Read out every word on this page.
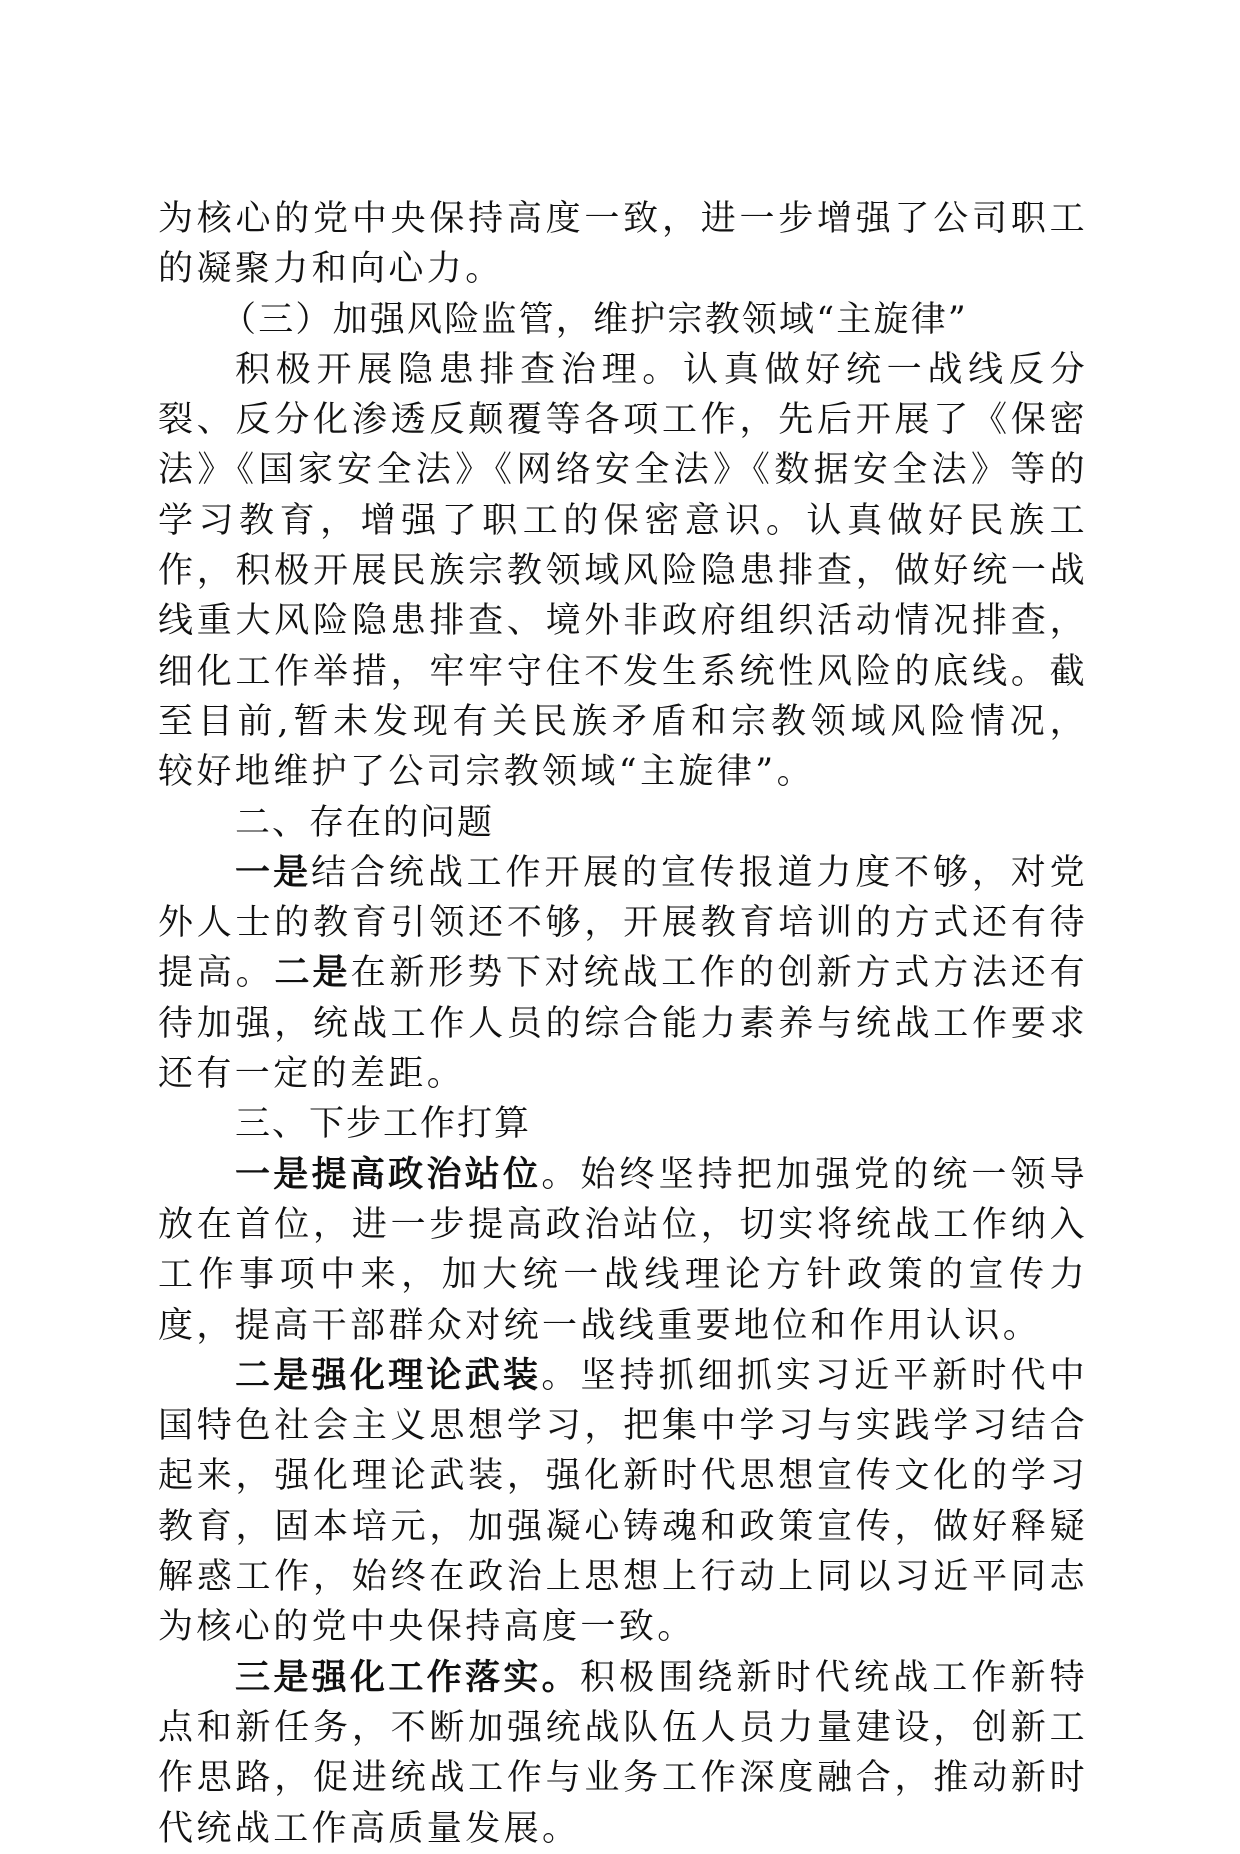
为核心的党中央保持高度一致，进一步增强了公司职工的凝聚力和向心力。

（三）加强风险监管，维护宗教领域“主旋律”

积极开展隐患排查治理。认真做好统一战线反分裂、反分化渗透反颠覆等各项工作，先后开展了《保密法》《国家安全法》《网络安全法》《数据安全法》等的学习教育，增强了职工的保密意识。认真做好民族工作，积极开展民族宗教领域风险隐患排查，做好统一战线重大风险隐患排查、境外非政府组织活动情况排查，细化工作举措，牢牢守住不发生系统性风险的底线。截至目前,暂未发现有关民族矛盾和宗教领域风险情况，较好地维护了公司宗教领域“主旋律”。

二、存在的问题

一是结合统战工作开展的宣传报道力度不够，对党外人士的教育引领还不够，开展教育培训的方式还有待提高。二是在新形势下对统战工作的创新方式方法还有待加强，统战工作人员的综合能力素养与统战工作要求还有一定的差距。

三、下步工作打算

一是提高政治站位。始终坚持把加强党的统一领导放在首位，进一步提高政治站位，切实将统战工作纳入工作事项中来，加大统一战线理论方针政策的宣传力度，提高干部群众对统一战线重要地位和作用认识。

二是强化理论武装。坚持抓细抓实习近平新时代中国特色社会主义思想学习，把集中学习与实践学习结合起来，强化理论武装，强化新时代思想宣传文化的学习教育，固本培元，加强凝心铸魂和政策宣传，做好释疑解惑工作，始终在政治上思想上行动上同以习近平同志为核心的党中央保持高度一致。

三是强化工作落实。积极围绕新时代统战工作新特点和新任务，不断加强统战队伍人员力量建设，创新工作思路，促进统战工作与业务工作深度融合，推动新时代统战工作高质量发展。
